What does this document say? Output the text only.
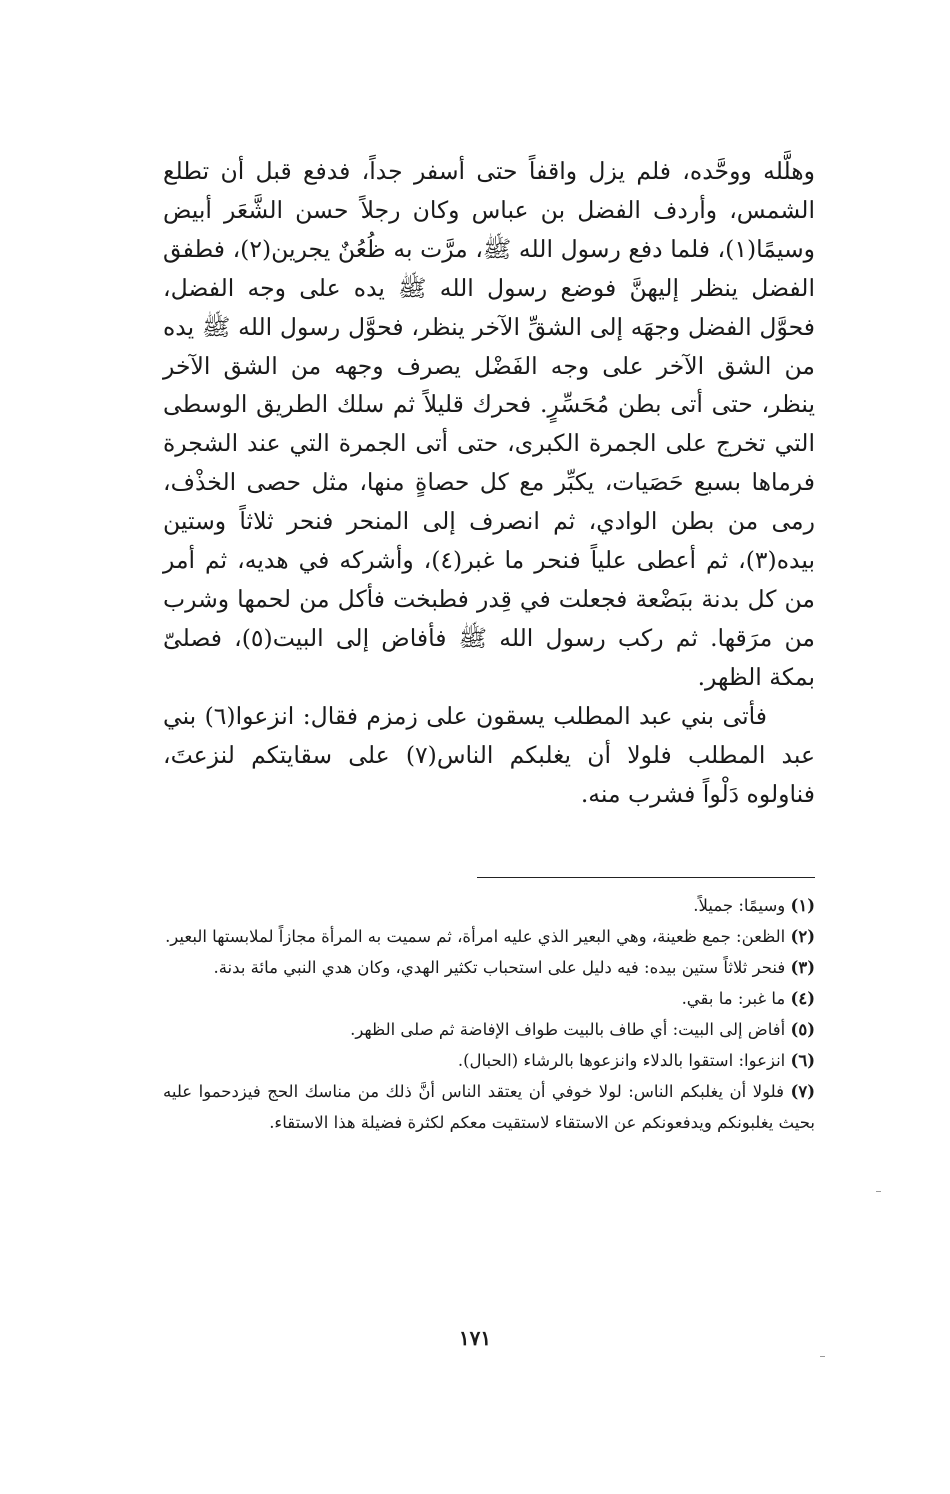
وهلَّله ووحَّده، فلم يزل واقفاً حتى أسفر جداً، فدفع قبل أن تطلع الشمس، وأردف الفضل بن عباس وكان رجلاً حسن الشَّعَر أبيض وسيمًا(١)، فلما دفع رسول الله ﷺ، مرَّت به ظُعُنٌ يجرين(٢)، فطفق الفضل ينظر إليهنَّ فوضع رسول الله ﷺ يده على وجه الفضل، فحوَّل الفضل وجهَه إلى الشقِّ الآخر ينظر، فحوَّل رسول الله ﷺ يده من الشق الآخر على وجه الفَضْل يصرف وجهه من الشق الآخر ينظر، حتى أتى بطن مُحَسِّرٍ. فحرك قليلاً ثم سلك الطريق الوسطى التي تخرج على الجمرة الكبرى، حتى أتى الجمرة التي عند الشجرة فرماها بسبع حَصَيات، يكبِّر مع كل حصاةٍ منها، مثل حصى الخذْف، رمى من بطن الوادي، ثم انصرف إلى المنحر فنحر ثلاثاً وستين بيده(٣)، ثم أعطى علياً فنحر ما غبر(٤)، وأشركه في هديه، ثم أمر من كل بدنة ببَضْعة فجعلت في قِدر فطبخت فأكل من لحمها وشرب من مرَقها. ثم ركب رسول الله ﷺ فأفاض إلى البيت(٥)، فصلىّ بمكة الظهر.

فأتى بني عبد المطلب يسقون على زمزم فقال: انزعوا(٦) بني عبد المطلب فلولا أن يغلبكم الناس(٧) على سقايتكم لنزعتَ، فناولوه دَلْواً فشرب منه.

(١) وسيمًا: جميلاً.

(٢) الظعن: جمع ظعينة، وهي البعير الذي عليه امرأة، ثم سميت به المرأة مجازاً لملابستها البعير.

(٣) فنحر ثلاثاً ستين بيده: فيه دليل على استحباب تكثير الهدي، وكان هدي النبي مائة بدنة.

(٤) ما غبر: ما بقي.

(٥) أفاض إلى البيت: أي طاف بالبيت طواف الإفاضة ثم صلى الظهر.

(٦) انزعوا: استقوا بالدلاء وانزعوها بالرشاء (الحبال).

(٧) فلولا أن يغلبكم الناس: لولا خوفي أن يعتقد الناس أنَّ ذلك من مناسك الحج فيزدحموا عليه بحيث يغلبونكم ويدفعونكم عن الاستقاء لاستقيت معكم لكثرة فضيلة هذا الاستقاء.

١٧١
